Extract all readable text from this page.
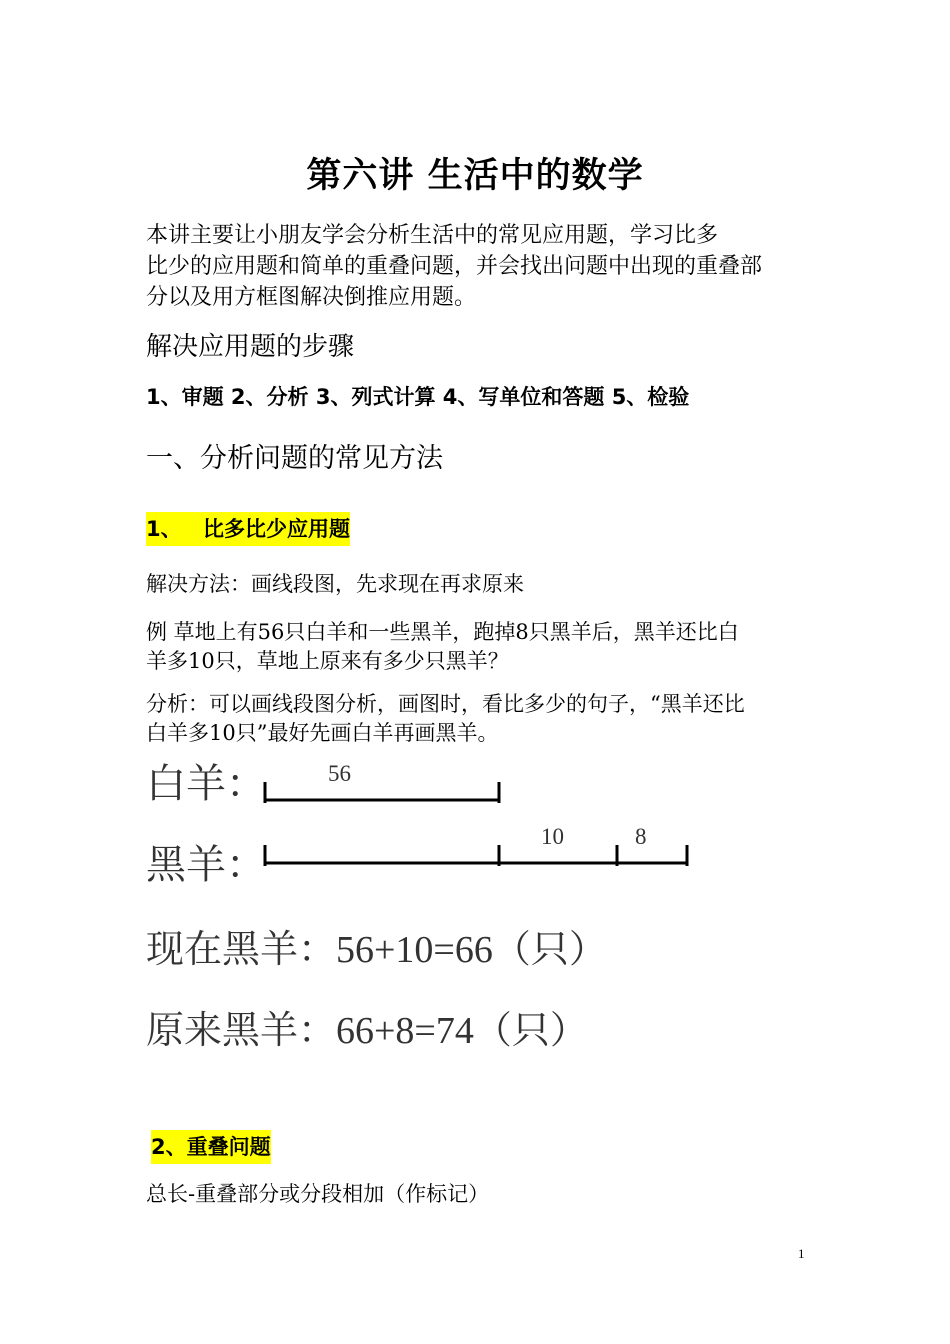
第六讲 生活中的数学
本讲主要让小朋友学会分析生活中的常见应用题，学习比多
比少的应用题和简单的重叠问题，并会找出问题中出现的重叠部
分以及用方框图解决倒推应用题。
解决应用题的步骤
1、审题 2、分析 3、列式计算 4、写单位和答题 5、检验
一、分析问题的常见方法
1、 比多比少应用题
解决方法：画线段图，先求现在再求原来
例 草地上有56只白羊和一些黑羊，跑掉8只黑羊后，黑羊还比白
羊多10只，草地上原来有多少只黑羊？
分析：可以画线段图分析，画图时，看比多少的句子，“黑羊还比
白羊多10只”最好先画白羊再画黑羊。
白羊：	56
黑羊：
10	8
现在黑羊：56+10=66（只）
原来黑羊：66+8=74（只）
2、重叠问题
总长-重叠部分或分段相加（作标记）
1
